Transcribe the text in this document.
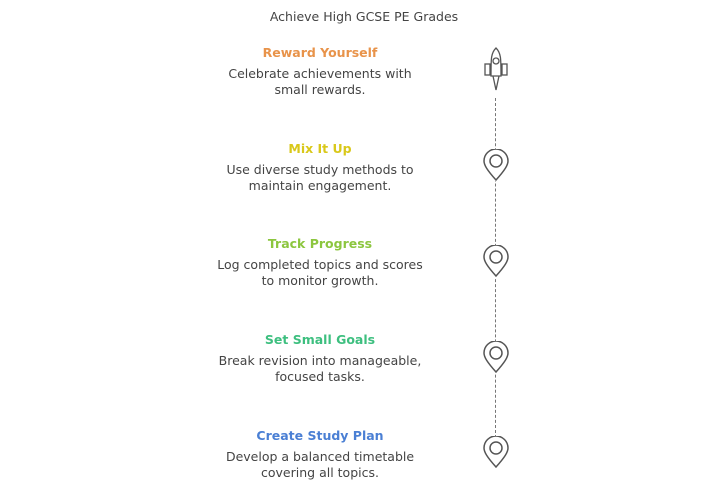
Achieve High GCSE PE Grades
Reward Yourself
Celebrate achievements with small rewards.
Mix It Up
Use diverse study methods to maintain engagement.
Track Progress
Log completed topics and scores to monitor growth.
Set Small Goals
Break revision into manageable, focused tasks.
Create Study Plan
Develop a balanced timetable covering all topics.
